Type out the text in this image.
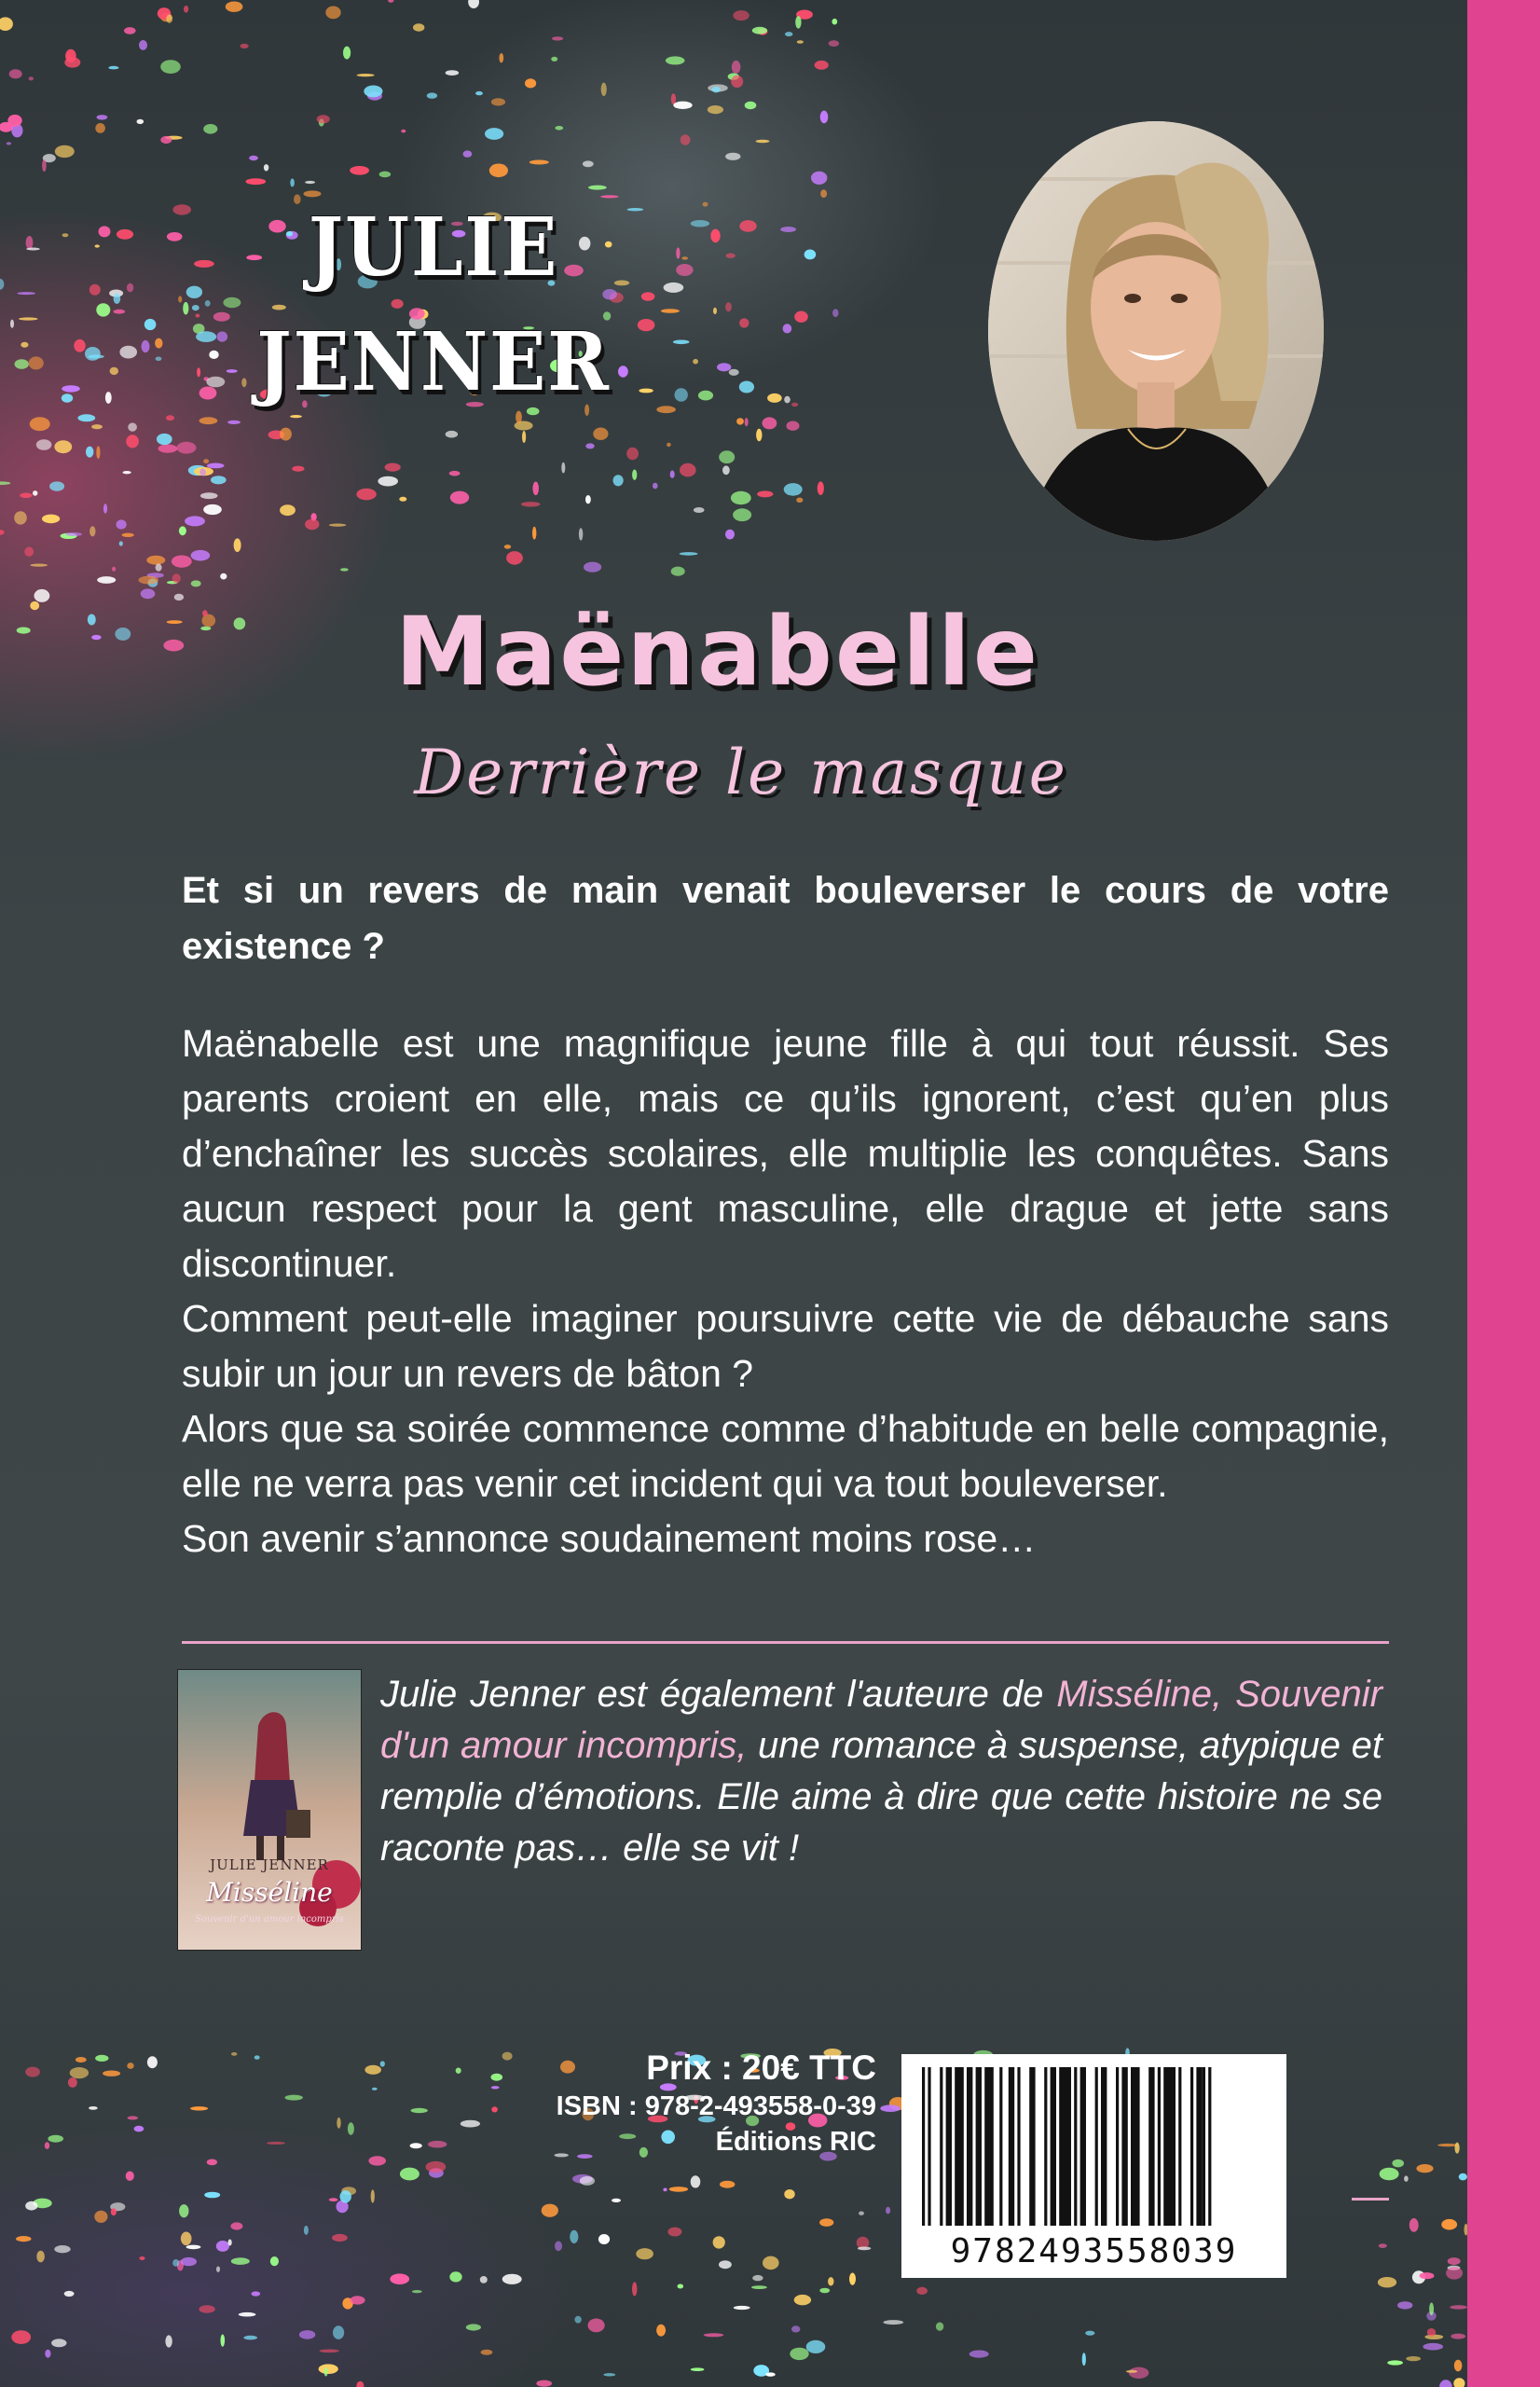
JULIE
JENNER
Maënabelle
Derrière le masque
Et si un revers de main venait bouleverser le cours de votre existence ?

Maënabelle est une magnifique jeune fille à qui tout réussit. Ses parents croient en elle, mais ce qu’ils ignorent, c’est qu’en plus d’enchaîner les succès scolaires, elle multiplie les conquêtes. Sans aucun respect pour la gent masculine, elle drague et jette sans discontinuer.

Comment peut-elle imaginer poursuivre cette vie de débauche sans subir un jour un revers de bâton ?

Alors que sa soirée commence comme d’habitude en belle compagnie, elle ne verra pas venir cet incident qui va tout bouleverser.

Son avenir s’annonce soudainement moins rose…

JULIE JENNER
Misséline
Souvenir d'un amour incompris
Julie Jenner est également l'auteure de Misséline, Souvenir d'un amour incompris, une romance à suspense, atypique et remplie d’émotions. Elle aime à dire que cette histoire ne se raconte pas… elle se vit !
Prix : 20€ TTC
ISBN : 978-2-493558-0-39
Éditions RIC
9782493558039
